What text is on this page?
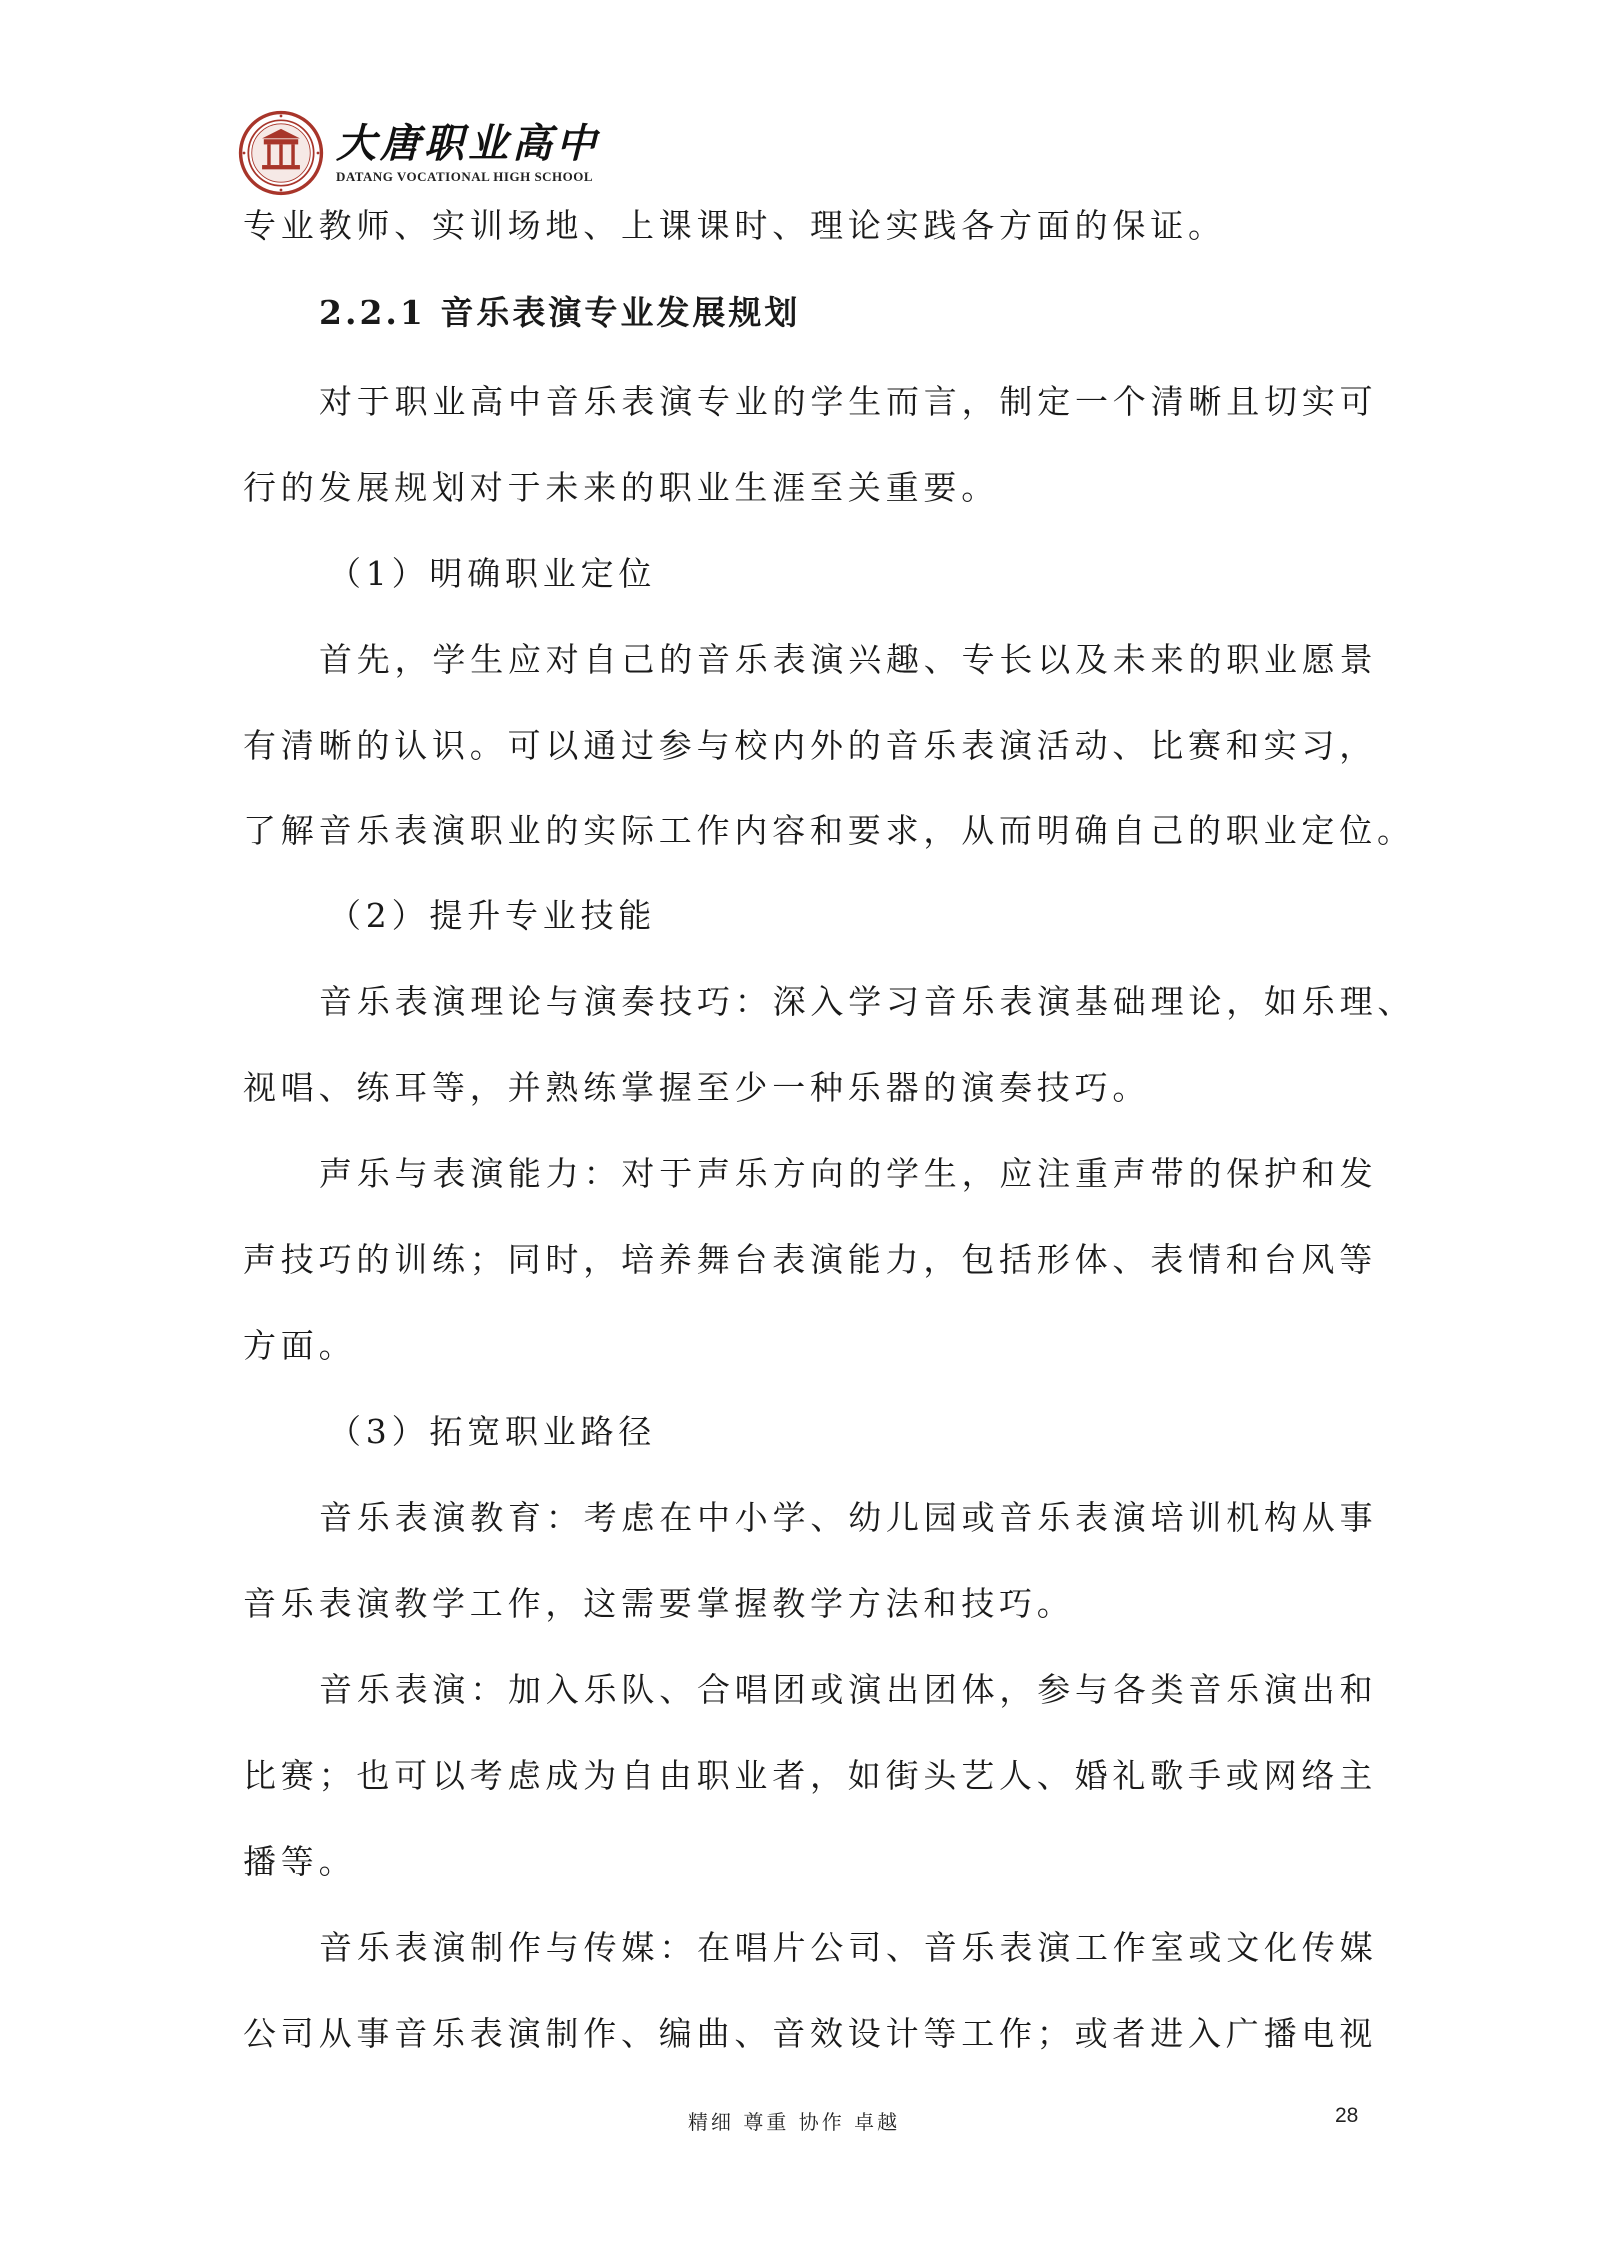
大唐职业高中
DATANG VOCATIONAL HIGH SCHOOL
专业教师、实训场地、上课课时、理论实践各方面的保证。
2.2.1 音乐表演专业发展规划
对于职业高中音乐表演专业的学生而言，制定一个清晰且切实可
行的发展规划对于未来的职业生涯至关重要。
（1）明确职业定位
首先，学生应对自己的音乐表演兴趣、专长以及未来的职业愿景
有清晰的认识。可以通过参与校内外的音乐表演活动、比赛和实习，
了解音乐表演职业的实际工作内容和要求，从而明确自己的职业定位。
（2）提升专业技能
音乐表演理论与演奏技巧：深入学习音乐表演基础理论，如乐理、
视唱、练耳等，并熟练掌握至少一种乐器的演奏技巧。
声乐与表演能力：对于声乐方向的学生，应注重声带的保护和发
声技巧的训练；同时，培养舞台表演能力，包括形体、表情和台风等
方面。
（3）拓宽职业路径
音乐表演教育：考虑在中小学、幼儿园或音乐表演培训机构从事
音乐表演教学工作，这需要掌握教学方法和技巧。
音乐表演：加入乐队、合唱团或演出团体，参与各类音乐演出和
比赛；也可以考虑成为自由职业者，如街头艺人、婚礼歌手或网络主
播等。
音乐表演制作与传媒：在唱片公司、音乐表演工作室或文化传媒
公司从事音乐表演制作、编曲、音效设计等工作；或者进入广播电视
精细 尊重 协作 卓越	28
